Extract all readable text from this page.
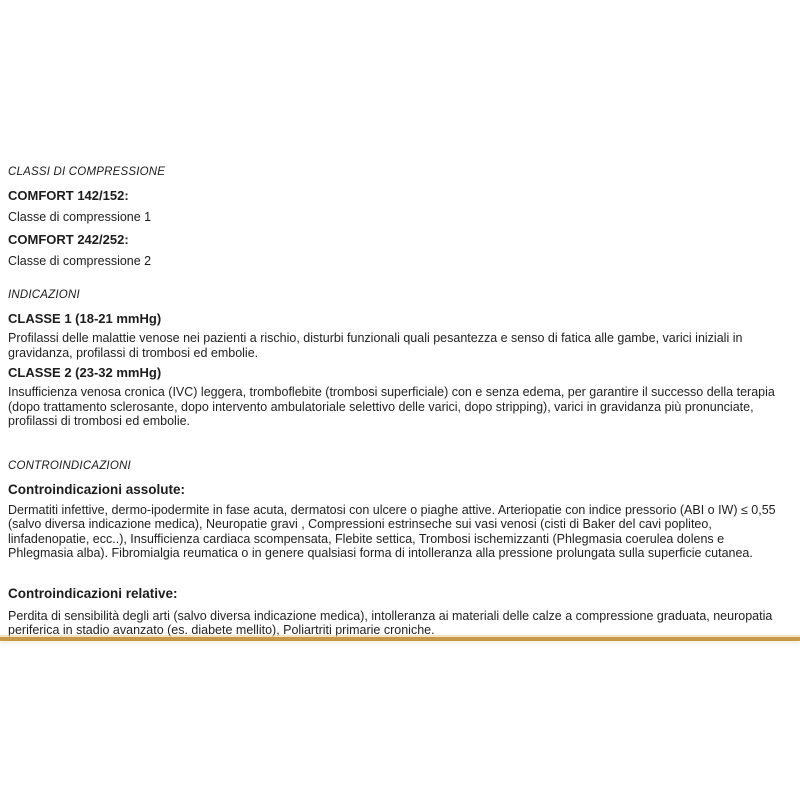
CLASSI DI COMPRESSIONE
COMFORT 142/152:
Classe di compressione 1
COMFORT 242/252:
Classe di compressione 2
INDICAZIONI
CLASSE 1 (18-21 mmHg)

Profilassi delle malattie venose nei pazienti a rischio, disturbi funzionali quali pesantezza e senso di fatica alle gambe, varici iniziali in gravidanza, profilassi di trombosi ed embolie.

CLASSE 2 (23-32 mmHg)

Insufficienza venosa cronica (IVC) leggera, tromboflebite (trombosi superficiale) con e senza edema, per garantire il successo della terapia (dopo trattamento sclerosante, dopo intervento ambulatoriale selettivo delle varici, dopo stripping), varici in gravidanza più pronunciate, profilassi di trombosi ed embolie.

CONTROINDICAZIONI
Controindicazioni assolute:

Dermatiti infettive, dermo-ipodermite in fase acuta, dermatosi con ulcere o piaghe attive. Arteriopatie con indice pressorio (ABI o IW) ≤ 0,55 (salvo diversa indicazione medica), Neuropatie gravi , Compressioni estrinseche sui vasi venosi (cisti di Baker del cavi popliteo, linfadenopatie, ecc..), Insufficienza cardiaca scompensata, Flebite settica, Trombosi ischemizzanti (Phlegmasia coerulea dolens e Phlegmasia alba). Fibromialgia reumatica o in genere qualsiasi forma di intolleranza alla pressione prolungata sulla superficie cutanea.

Controindicazioni relative:

Perdita di sensibilità degli arti (salvo diversa indicazione medica), intolleranza ai materiali delle calze a compressione graduata, neuropatia periferica in stadio avanzato (es. diabete mellito), Poliartriti primarie croniche.
